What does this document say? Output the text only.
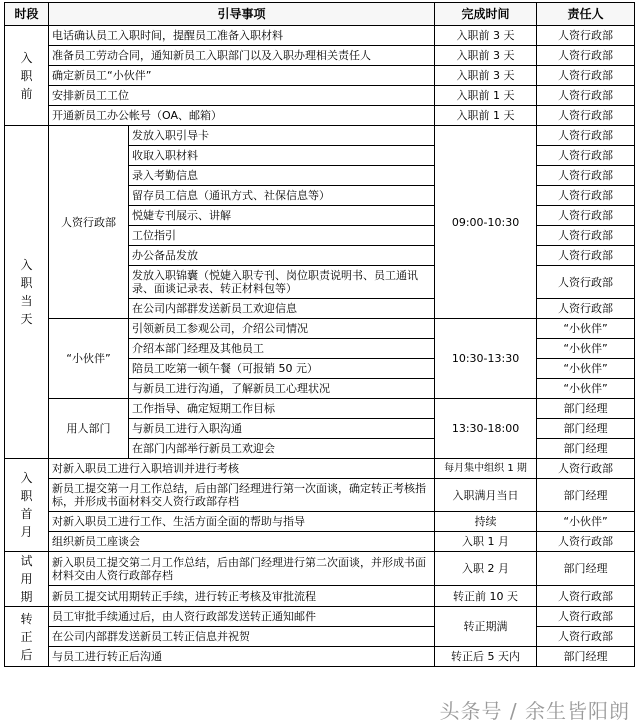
时段	引导事项		完成时间	责任人

入
职
前	电话确认员工入职时间，提醒员工准备入职材料		入职前 3 天	人资行政部
	准备员工劳动合同，通知新员工入职部门以及入职办理相关责任人		入职前 3 天	人资行政部
	确定新员工“小伙伴”		入职前 3 天	人资行政部
	安排新员工工位		入职前 1 天	人资行政部
	开通新员工办公帐号（OA、邮箱）		入职前 1 天	人资行政部

入
职
当
天	人资行政部	发放入职引导卡	09:00-10:30	人资行政部
		收取入职材料		人资行政部
		录入考勤信息		人资行政部
		留存员工信息（通讯方式、社保信息等）		人资行政部
		悦婕专刊展示、讲解		人资行政部
		工位指引		人资行政部
		办公备品发放		人资行政部
		发放入职锦囊（悦婕入职专刊、岗位职责说明书、员工通讯录、面谈记录表、转正材料包等）		人资行政部
		在公司内部群发送新员工欢迎信息		人资行政部
	“小伙伴”	引领新员工参观公司，介绍公司情况	10:30-13:30	“小伙伴”
		介绍本部门经理及其他员工		“小伙伴”
		陪员工吃第一顿午餐（可报销 50 元）		“小伙伴”
		与新员工进行沟通，了解新员工心理状况		“小伙伴”
	用人部门	工作指导、确定短期工作目标	13:30-18:00	部门经理
		与新员工进行入职沟通		部门经理
		在部门内部举行新员工欢迎会		部门经理

入
职
首
月	对新入职员工进行入职培训并进行考核		每月集中组织 1 期	人资行政部
	新员工提交第一月工作总结，后由部门经理进行第一次面谈，确定转正考核指标，并形成书面材料交人资行政部存档		入职满月当日	部门经理
	对新入职员工进行工作、生活方面全面的帮助与指导		持续	“小伙伴”
	组织新员工座谈会		入职 1 月	人资行政部

试
用
期	新入职员工提交第二月工作总结，后由部门经理进行第二次面谈，并形成书面材料交由人资行政部存档		入职 2 月	部门经理
	新员工提交试用期转正手续，进行转正考核及审批流程		转正前 10 天	人资行政部

转
正
后	员工审批手续通过后，由人资行政部发送转正通知邮件		转正期满	人资行政部
	在公司内部群发送新员工转正信息并祝贺			人资行政部
	与员工进行转正后沟通		转正后 5 天内	部门经理
头条号 / 余生皆阳朗
